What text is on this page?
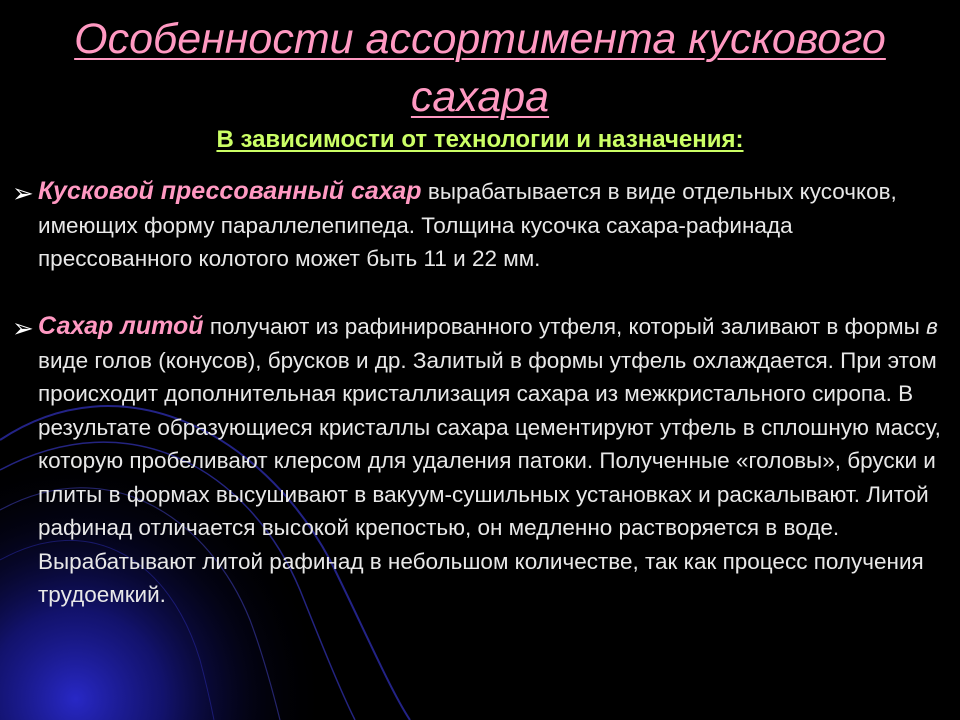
Особенности ассортимента кускового сахара
В зависимости от технологии и назначения:
➢ Кусковой прессованный сахар вырабатывается в виде отдельных кусочков, имеющих форму параллелепипеда. Толщина кусочка сахара-рафинада прессованного колотого может быть 11 и 22 мм.
➢ Сахар литой получают из рафинированного утфеля, который заливают в формы в виде голов (конусов), брусков и др. Залитый в формы утфель охлаждается. При этом происходит дополнительная кристаллизация сахара из межкристального сиропа. В результате образующиеся кристаллы сахара цементируют утфель в сплошную массу, которую пробеливают клерсом для удаления патоки. Полученные «головы», бруски и плиты в формах высушивают в вакуум-сушильных установках и раскалывают. Литой рафинад отличается высокой крепостью, он медленно растворяется в воде. Вырабатывают литой рафинад в небольшом количестве, так как процесс получения трудоемкий.
